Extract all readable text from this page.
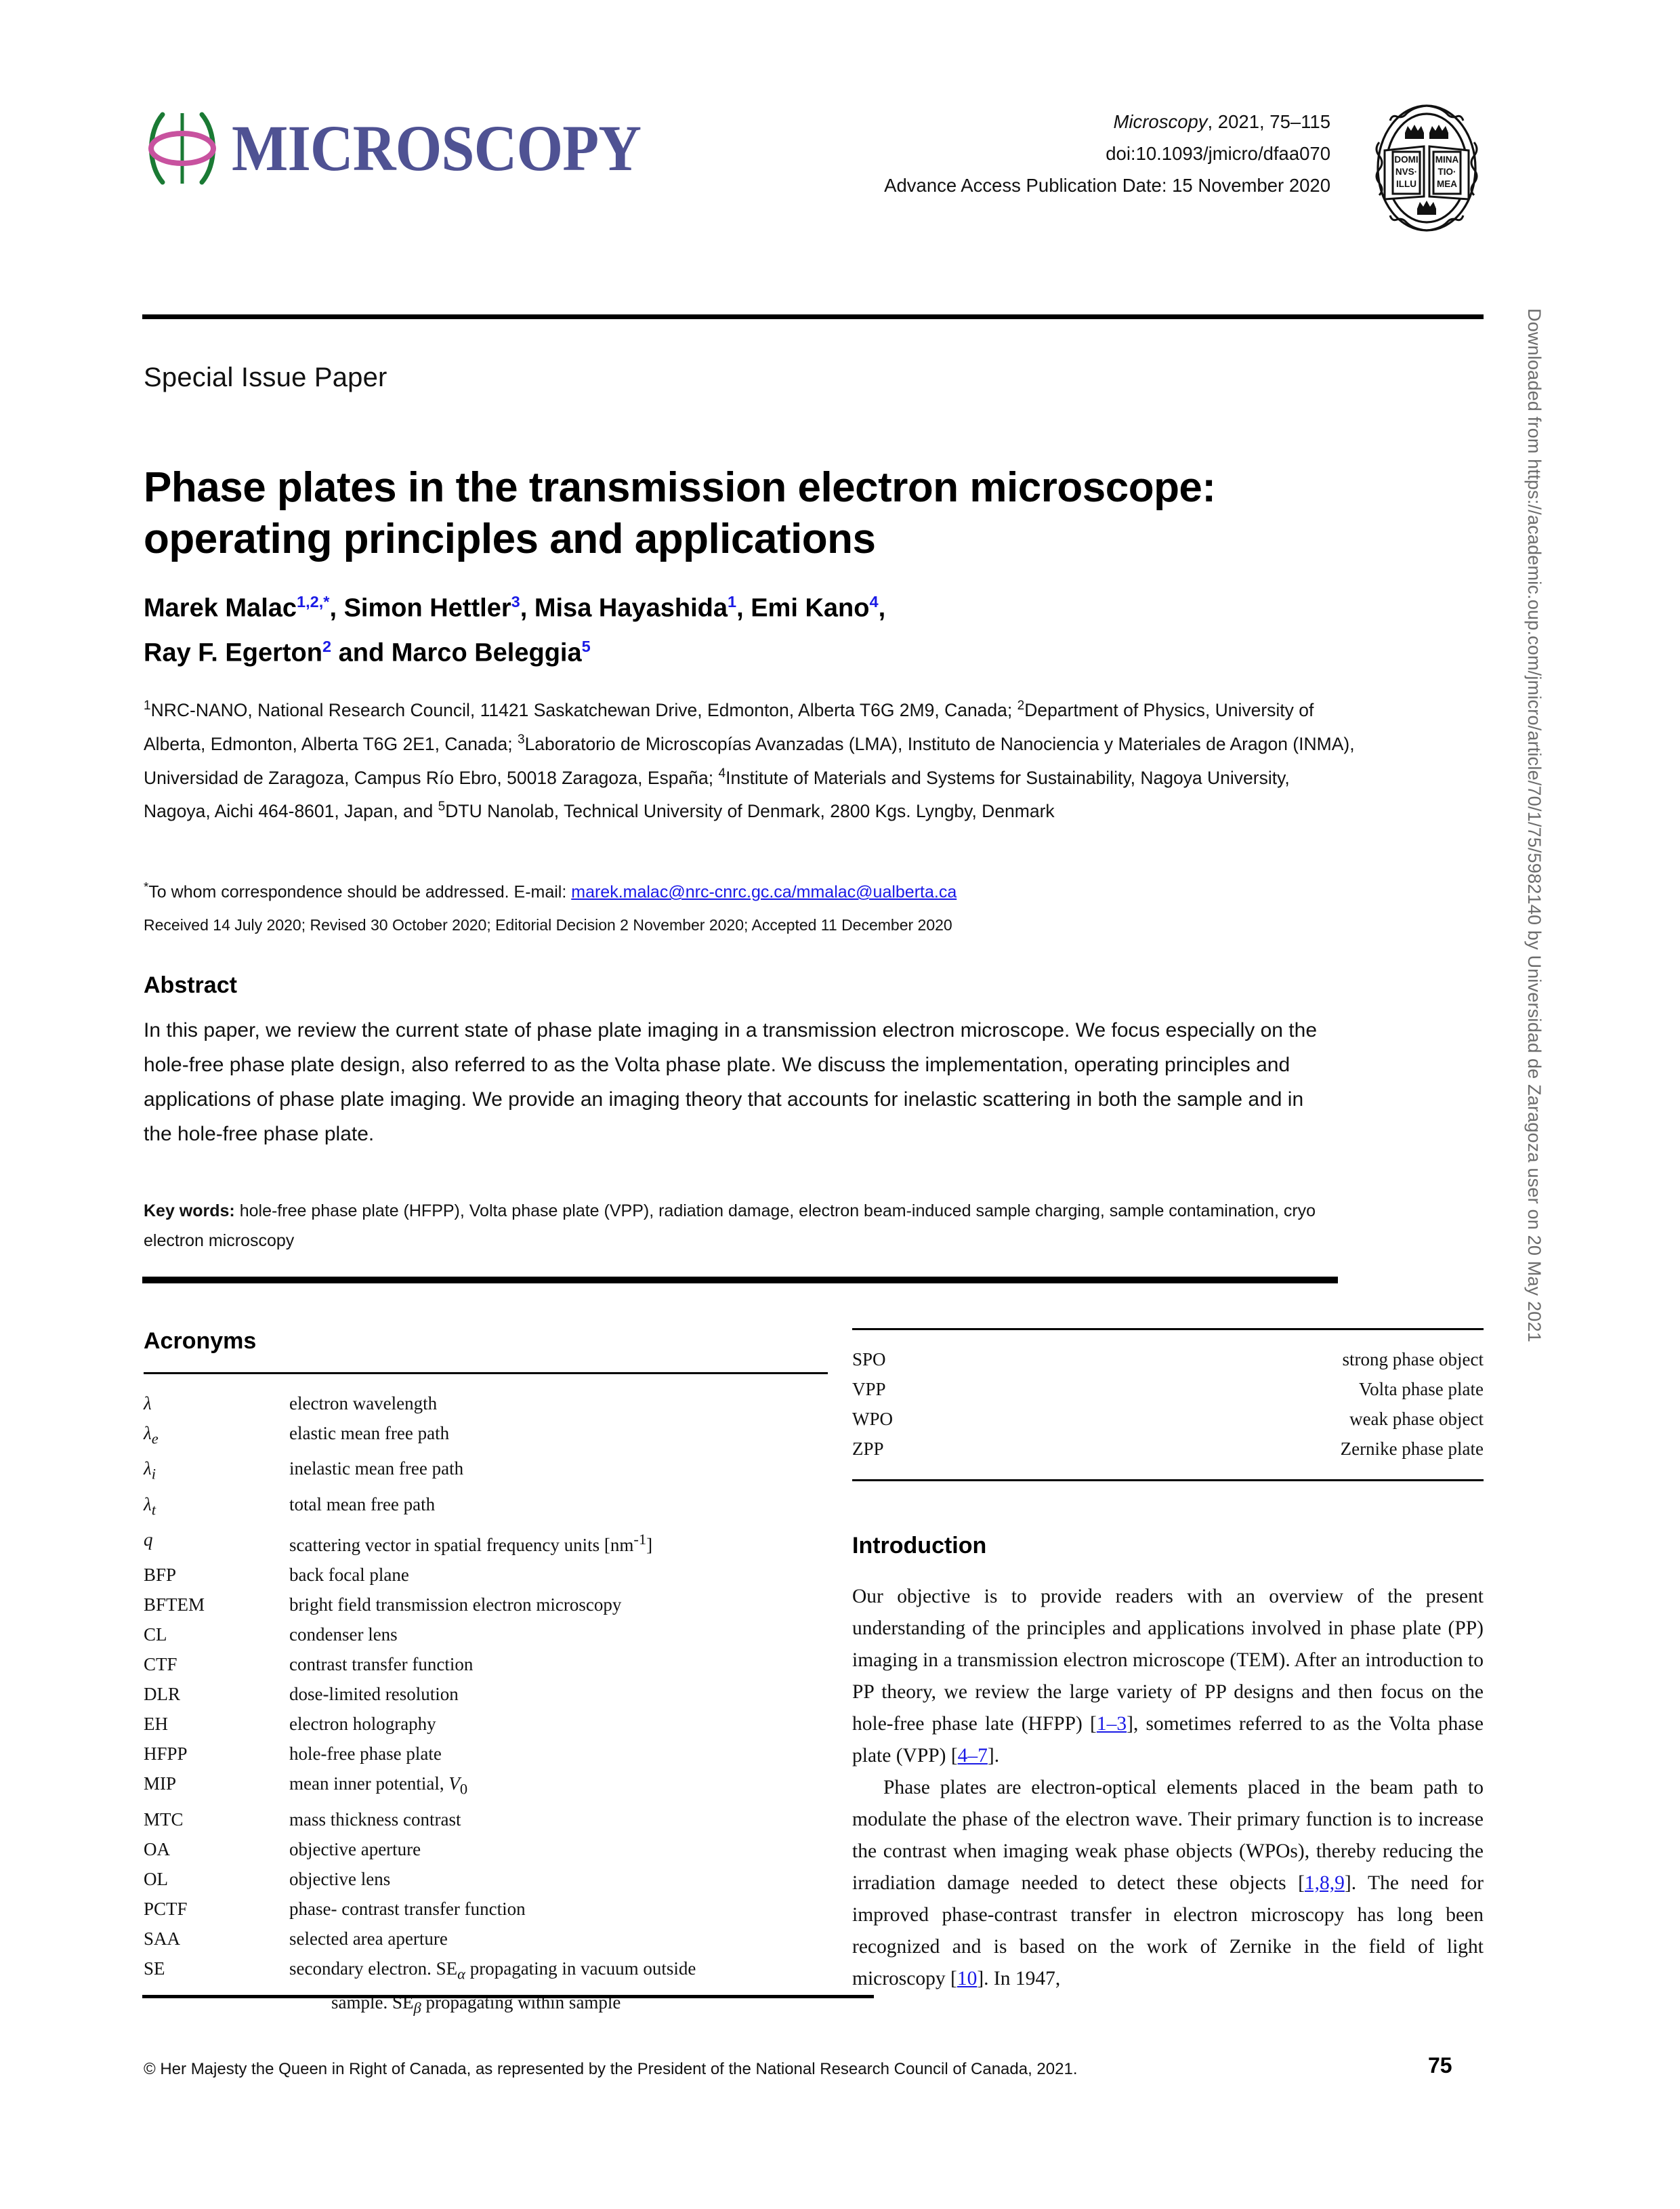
MICROSCOPY	Microscopy, 2021, 75–115
doi:10.1093/jmicro/dfaa070
Advance Access Publication Date: 15 November 2020
DOMI
NVS·
ILLU
MINA
TIO·
MEA
Special Issue Paper
Phase plates in the transmission electron microscope: operating principles and applications
Marek Malac$^{1,2,*}$, Simon Hettler$^3$, Misa Hayashida$^1$, Emi Kano$^4$,
Ray F. Egerton$^2$ and Marco Beleggia$^5$
$^1$NRC-NANO, National Research Council, 11421 Saskatchewan Drive, Edmonton, Alberta T6G 2M9, Canada; $^2$Department of Physics, University of Alberta, Edmonton, Alberta T6G 2E1, Canada; $^3$Laboratorio de Microscopías Avanzadas (LMA), Instituto de Nanociencia y Materiales de Aragon (INMA), Universidad de Zaragoza, Campus Río Ebro, 50018 Zaragoza, España; $^4$Institute of Materials and Systems for Sustainability, Nagoya University, Nagoya, Aichi 464-8601, Japan, and $^5$DTU Nanolab, Technical University of Denmark, 2800 Kgs. Lyngby, Denmark
*To whom correspondence should be addressed. E-mail: marek.malac@nrc-cnrc.gc.ca/mmalac@ualberta.ca
Received 14 July 2020; Revised 30 October 2020; Editorial Decision 2 November 2020; Accepted 11 December 2020
Abstract
In this paper, we review the current state of phase plate imaging in a transmission electron microscope. We focus especially on the hole-free phase plate design, also referred to as the Volta phase plate. We discuss the implementation, operating principles and applications of phase plate imaging. We provide an imaging theory that accounts for inelastic scattering in both the sample and in the hole-free phase plate.
Key words: hole-free phase plate (HFPP), Volta phase plate (VPP), radiation damage, electron beam-induced sample charging, sample contamination, cryo electron microscopy
Acronyms
λ	electron wavelength
$\lambda_e$	elastic mean free path
$\lambda_i$	inelastic mean free path
$\lambda_t$	total mean free path
q	scattering vector in spatial frequency units $[nm^{-1}]$
BFP	back focal plane
BFTEM	bright field transmission electron microscopy
CL	condenser lens
CTF	contrast transfer function
DLR	dose-limited resolution
EH	electron holography
HFPP	hole-free phase plate
MIP	mean inner potential, $V_0$
MTC	mass thickness contrast
OA	objective aperture
OL	objective lens
PCTF	phase- contrast transfer function
SAA	selected area aperture
SE	secondary electron. $SE_\alpha$ propagating in vacuum outside
sample. $SE_\beta$ propagating within sample
SPO	strong phase object
VPP	Volta phase plate
WPO	weak phase object
ZPP	Zernike phase plate
Introduction

Our objective is to provide readers with an overview of the present understanding of the principles and applications involved in phase plate (PP) imaging in a transmission electron microscope (TEM). After an introduction to PP theory, we review the large variety of PP designs and then focus on the hole-free phase late (HFPP) [1–3], sometimes referred to as the Volta phase plate (VPP) [4–7].

Phase plates are electron-optical elements placed in the beam path to modulate the phase of the electron wave. Their primary function is to increase the contrast when imaging weak phase objects (WPOs), thereby reducing the irradiation damage needed to detect these objects [1,8,9]. The need for improved phase-contrast transfer in electron microscopy has long been recognized and is based on the work of Zernike in the field of light microscopy [10]. In 1947,

© Her Majesty the Queen in Right of Canada, as represented by the President of the National Research Council of Canada, 2021.	75
Downloaded from https://academic.oup.com/jmicro/article/70/1/75/5982140 by Universidad de Zaragoza user on 20 May 2021
